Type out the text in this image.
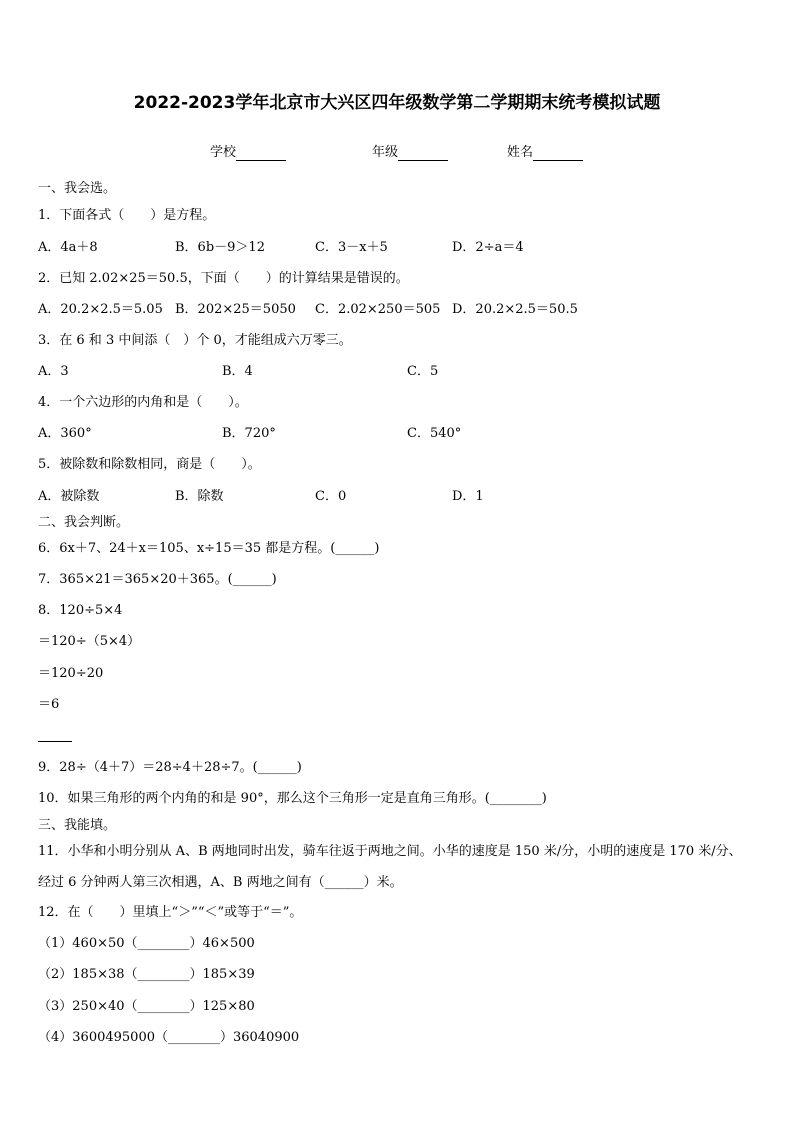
2022-2023学年北京市大兴区四年级数学第二学期期末统考模拟试题
学校	年级	姓名
一、我会选。
1．下面各式（　　）是方程。
A．4a＋8	B．6b－9＞12	C．3－x＋5	D．2÷a＝4
2．已知 2.02×25＝50.5，下面（　　）的计算结果是错误的。
A．20.2×2.5＝5.05 B．202×25＝5050 C．2.02×250＝505 D．20.2×2.5＝50.5
3．在 6 和 3 中间添（　）个 0，才能组成六万零三。
A．3	B．4	C．5
4．一个六边形的内角和是（　　）。
A．360°	B．720°	C．540°
5．被除数和除数相同，商是（　　）。
A．被除数	B．除数	C．0	D．1
二、我会判断。
6．6x＋7、24＋x＝105、x÷15＝35 都是方程。(______)
7．365×21＝365×20＋365。(______)
8．120÷5×4
＝120÷（5×4）
＝120÷20
＝6
9．28÷（4＋7）＝28÷4＋28÷7。(______)
10．如果三角形的两个内角的和是 90°，那么这个三角形一定是直角三角形。(________)
三、我能填。
11．小华和小明分别从 A、B 两地同时出发，骑车往返于两地之间。小华的速度是 150 米/分，小明的速度是 170 米/分、
经过 6 分钟两人第三次相遇，A、B 两地之间有（______）米。
12．在（　　）里填上“＞”“＜”或等于“＝”。
（1）460×50（________）46×500
（2）185×38（________）185×39
（3）250×40（________）125×80
（4）3600495000（________）36040900
